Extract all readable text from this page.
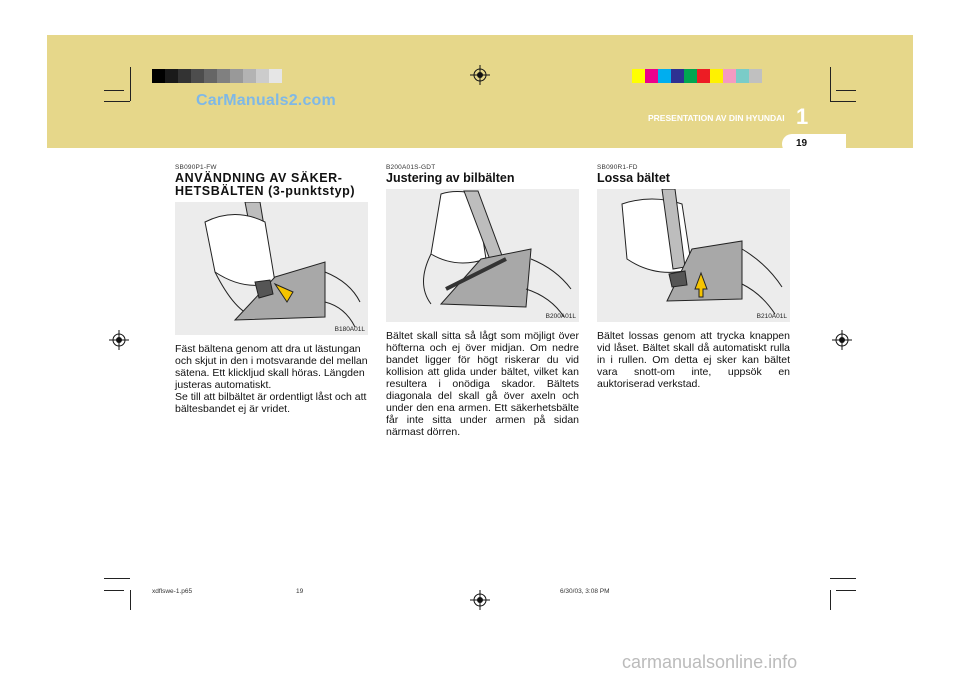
CarManuals2.com
PRESENTATION AV DIN HYUNDAI 1
19
SB090P1-FW
ANVÄNDNING AV SÄKER-HETSBÄLTEN (3-punktstyp)
B180A01L
Fäst bältena genom att dra ut lästungan och skjut in den i motsvarande del mellan sätena. Ett klickljud skall höras. Längden justeras automatiskt.
Se till att bilbältet är ordentligt låst och att bältesbandet ej är vridet.
B200A01S-GDT
Justering av bilbälten
B200A01L
Bältet skall sitta så lågt som möjligt över höfterna och ej över midjan. Om nedre bandet ligger för högt riskerar du vid kollision att glida under bältet, vilket kan resultera i onödiga skador. Bältets diagonala del skall gå över axeln och under den ena armen. Ett säkerhetsbälte får inte sitta under armen på sidan närmast dörren.
SB090R1-FD
Lossa bältet
B210A01L
Bältet lossas genom att trycka knappen vid låset. Bältet skall då automatiskt rulla in i rullen. Om detta ej sker kan bältet vara snott-om inte, uppsök en auktoriserad verkstad.
xdflswe-1.p65	19	6/30/03, 3:08 PM
carmanualsonline.info
